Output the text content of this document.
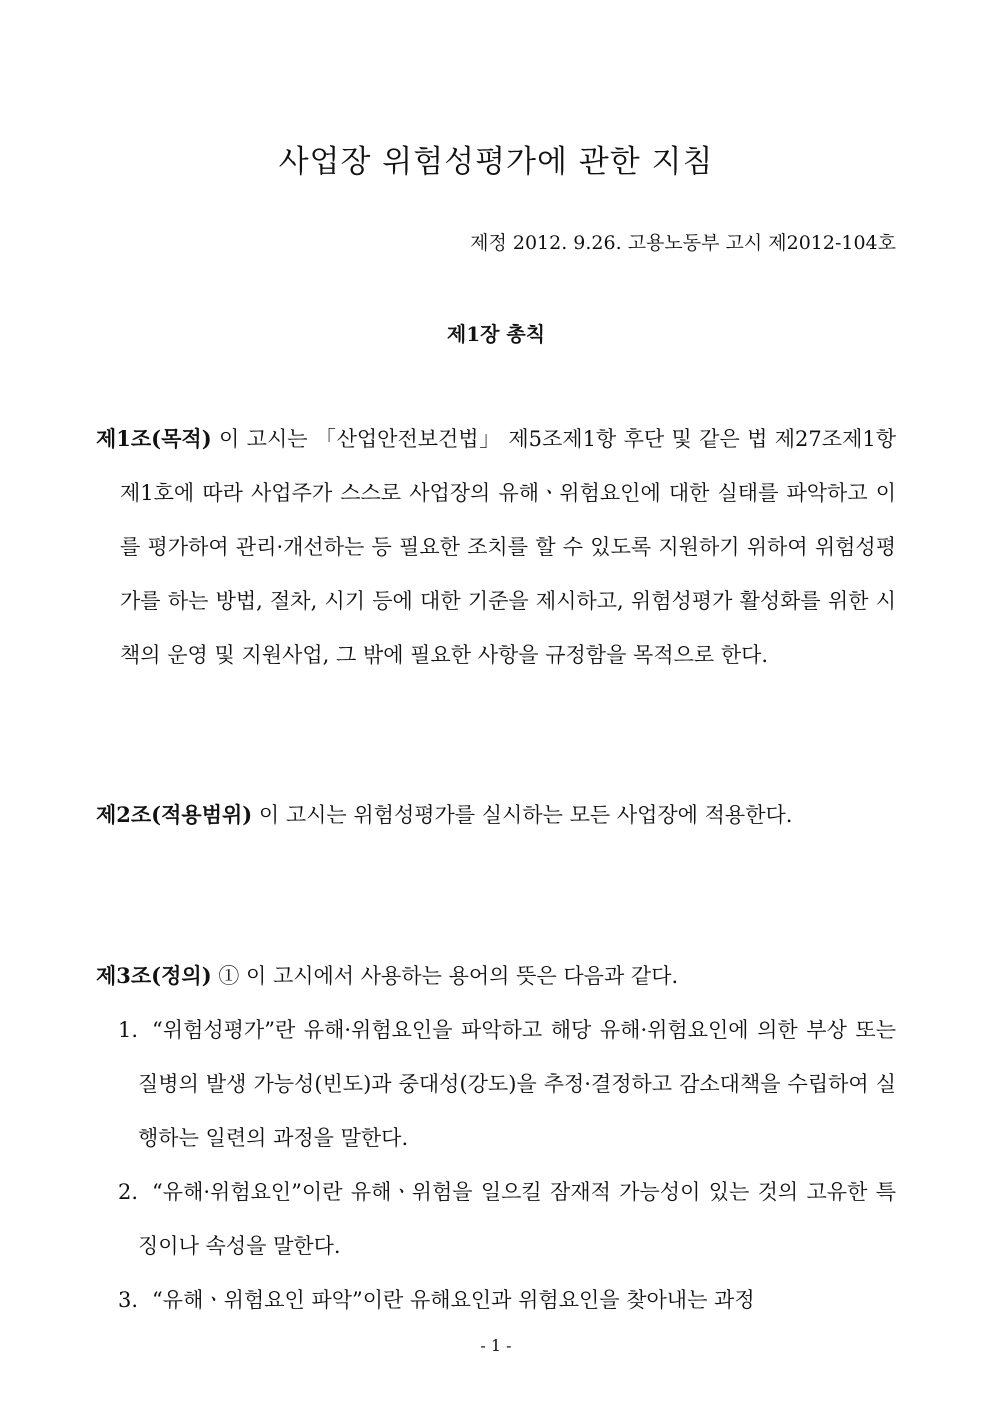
사업장 위험성평가에 관한 지침
제정 2012. 9.26. 고용노동부 고시 제2012-104호
제1장 총칙
제1조(목적) 이 고시는 「산업안전보건법」 제5조제1항 후단 및 같은 법 제27조제1항제1호에 따라 사업주가 스스로 사업장의 유해ㆍ위험요인에 대한 실태를 파악하고 이를 평가하여 관리·개선하는 등 필요한 조치를 할 수 있도록 지원하기 위하여 위험성평가를 하는 방법, 절차, 시기 등에 대한 기준을 제시하고, 위험성평가 활성화를 위한 시책의 운영 및 지원사업, 그 밖에 필요한 사항을 규정함을 목적으로 한다.
제2조(적용범위) 이 고시는 위험성평가를 실시하는 모든 사업장에 적용한다.
제3조(정의) ① 이 고시에서 사용하는 용어의 뜻은 다음과 같다.
1. “위험성평가”란 유해·위험요인을 파악하고 해당 유해·위험요인에 의한 부상 또는 질병의 발생 가능성(빈도)과 중대성(강도)을 추정·결정하고 감소대책을 수립하여 실행하는 일련의 과정을 말한다.
2. “유해·위험요인”이란 유해ㆍ위험을 일으킬 잠재적 가능성이 있는 것의 고유한 특징이나 속성을 말한다.
3. “유해ㆍ위험요인 파악”이란 유해요인과 위험요인을 찾아내는 과정
- 1 -
